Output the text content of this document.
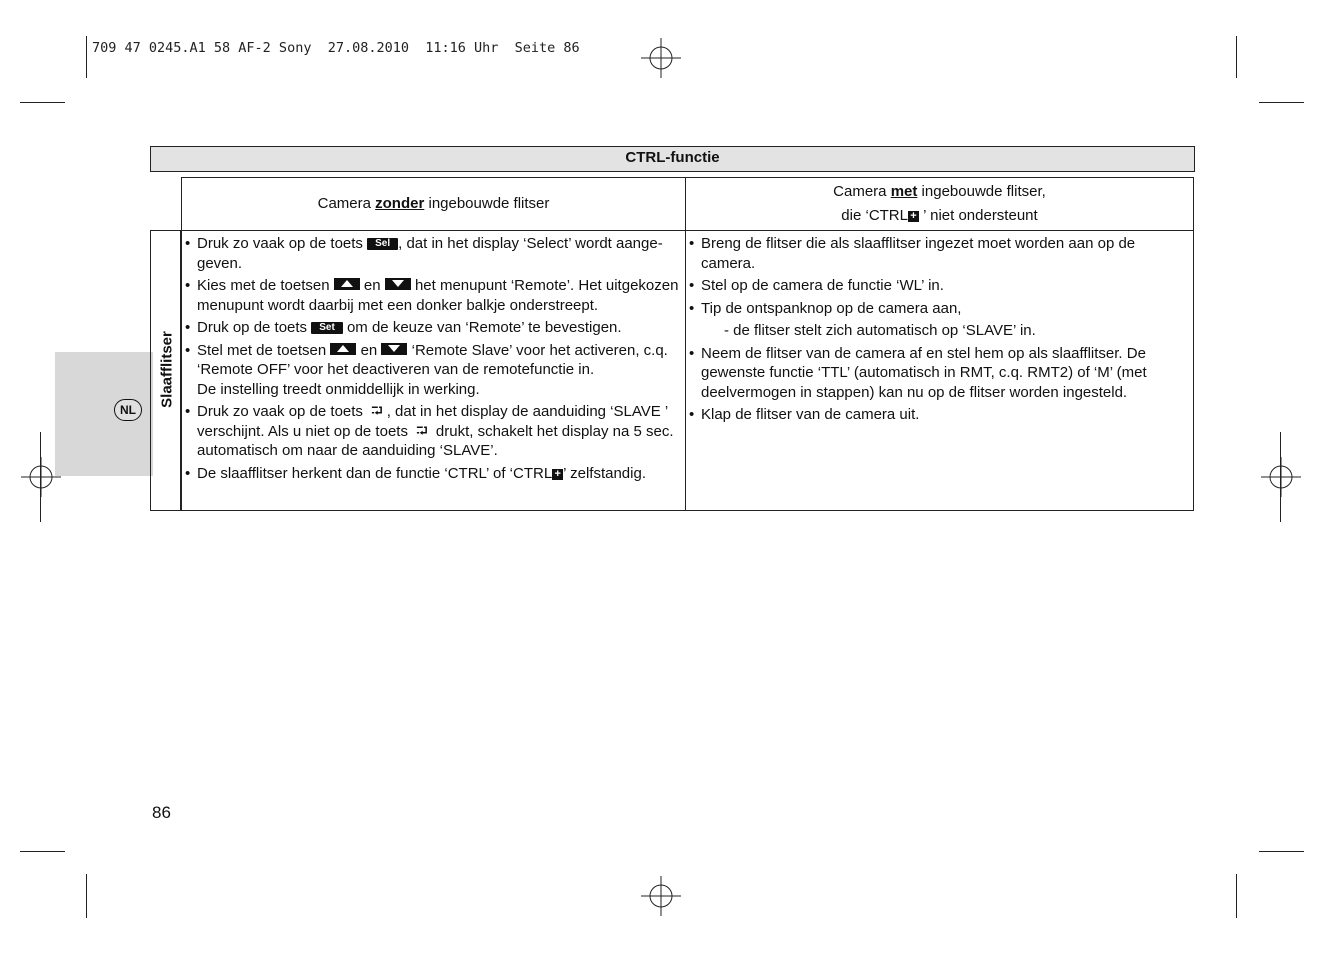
709 47 0245.A1 58 AF-2 Sony  27.08.2010  11:16 Uhr  Seite 86
NL
CTRL-functie
Camera zonder ingebouwde flitser
Camera met ingebouwde flitser,
die ‘CTRL + ’ niet ondersteunt
Slaafflitser
• Druk zo vaak op de toets Sel , dat in het display ‘Select’ wordt aange-geven.
• Kies met de toetsen  en  het menupunt ‘Remote’. Het uitgekozen menupunt wordt daarbij met een donker balkje onderstreept.
• Druk op de toets Set om de keuze van ‘Remote’ te bevestigen.
• Stel met de toetsen  en  ‘Remote Slave’ voor het activeren, c.q. ‘Remote OFF’ voor het deactiveren van de remotefunctie in.
De instelling treedt onmiddellijk in werking.
• Druk zo vaak op de toets ⮒ , dat in het display de aanduiding ‘SLAVE ’ verschijnt. Als u niet op de toets ⮒ drukt, schakelt het display na 5 sec. automatisch om naar de aanduiding ‘SLAVE’.
• De slaafflitser herkent dan de functie ‘CTRL’ of ‘CTRL + ’ zelfstandig.
• Breng de flitser die als slaafflitser ingezet moet worden aan op de camera.
• Stel op de camera de functie ‘WL’ in.
• Tip de ontspanknop op de camera aan,
- de flitser stelt zich automatisch op ‘SLAVE’ in.
• Neem de flitser van de camera af en stel hem op als slaafflitser. De gewenste functie ‘TTL’ (automatisch in RMT, c.q. RMT2) of ‘M’ (met deelvermogen in stappen) kan nu op de flitser worden ingesteld.
• Klap de flitser van de camera uit.
86
